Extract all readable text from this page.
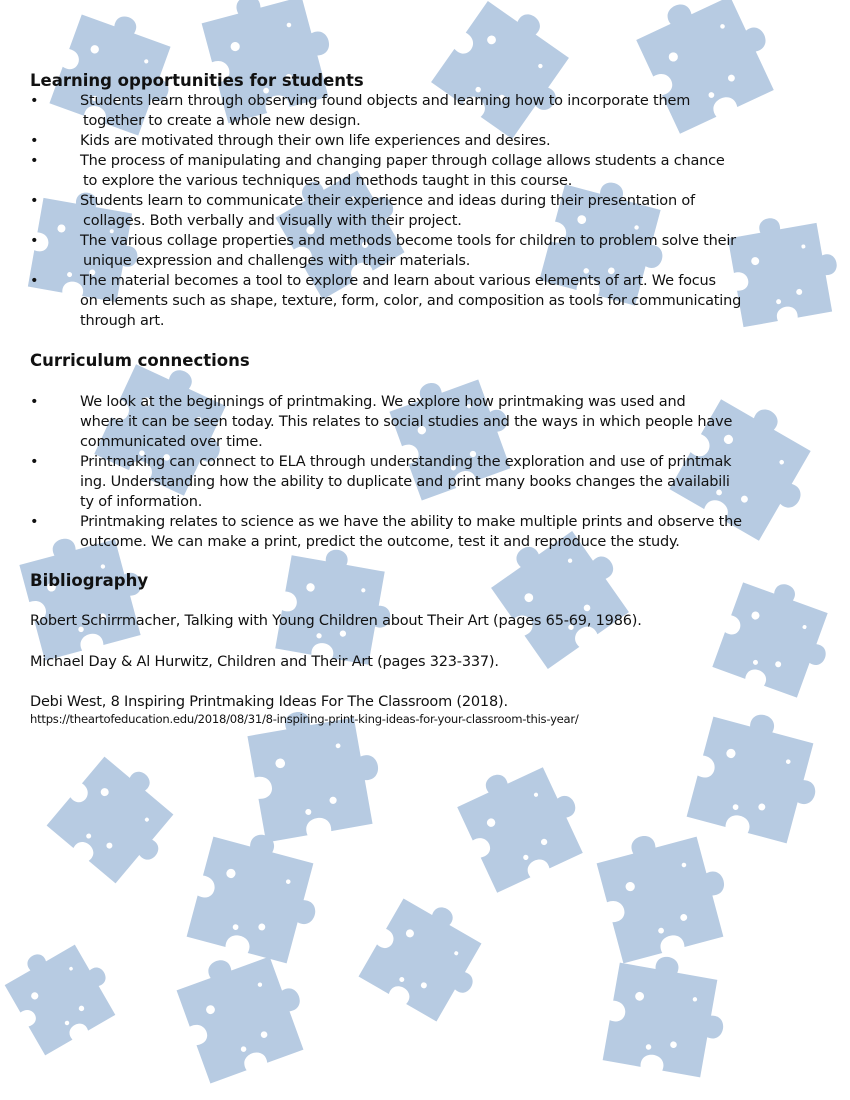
Learning opportunities for students
•	Students learn through observing found objects and learning how to incorporate them
together to create a whole new design.

•	Kids are motivated through their own life experiences and desires.

•	The process of manipulating and changing paper through collage allows students a chance
to explore the various techniques and methods taught in this course.

•	Students learn to communicate their experience and ideas during their presentation of
collages. Both verbally and visually with their project.

•	The various collage properties and methods become tools for children to problem solve their
unique expression and challenges with their materials.

•	The material becomes a tool to explore and learn about various elements of art. We focus
on elements such as shape, texture, form, color, and composition as tools for communicating
through art.

Curriculum connections
•	We look at the beginnings of printmaking. We explore how printmaking was used and
where it can be seen today. This relates to social studies and the ways in which people have
communicated over time.

•	Printmaking can connect to ELA through understanding the exploration and use of printmak
ing. Understanding how the ability to duplicate and print many books changes the availabili
ty of information.

•	Printmaking relates to science as we have the ability to make multiple prints and observe the
outcome. We can make a print, predict the outcome, test it and reproduce the study.

Bibliography

Robert Schirrmacher, Talking with Young Children about Their Art (pages 65-69, 1986).

Michael Day & Al Hurwitz, Children and Their Art (pages 323-337).

Debi West, 8 Inspiring Printmaking Ideas For The Classroom (2018).

https://theartofeducation.edu/2018/08/31/8-inspiring-print-king-ideas-for-your-classroom-this-year/
